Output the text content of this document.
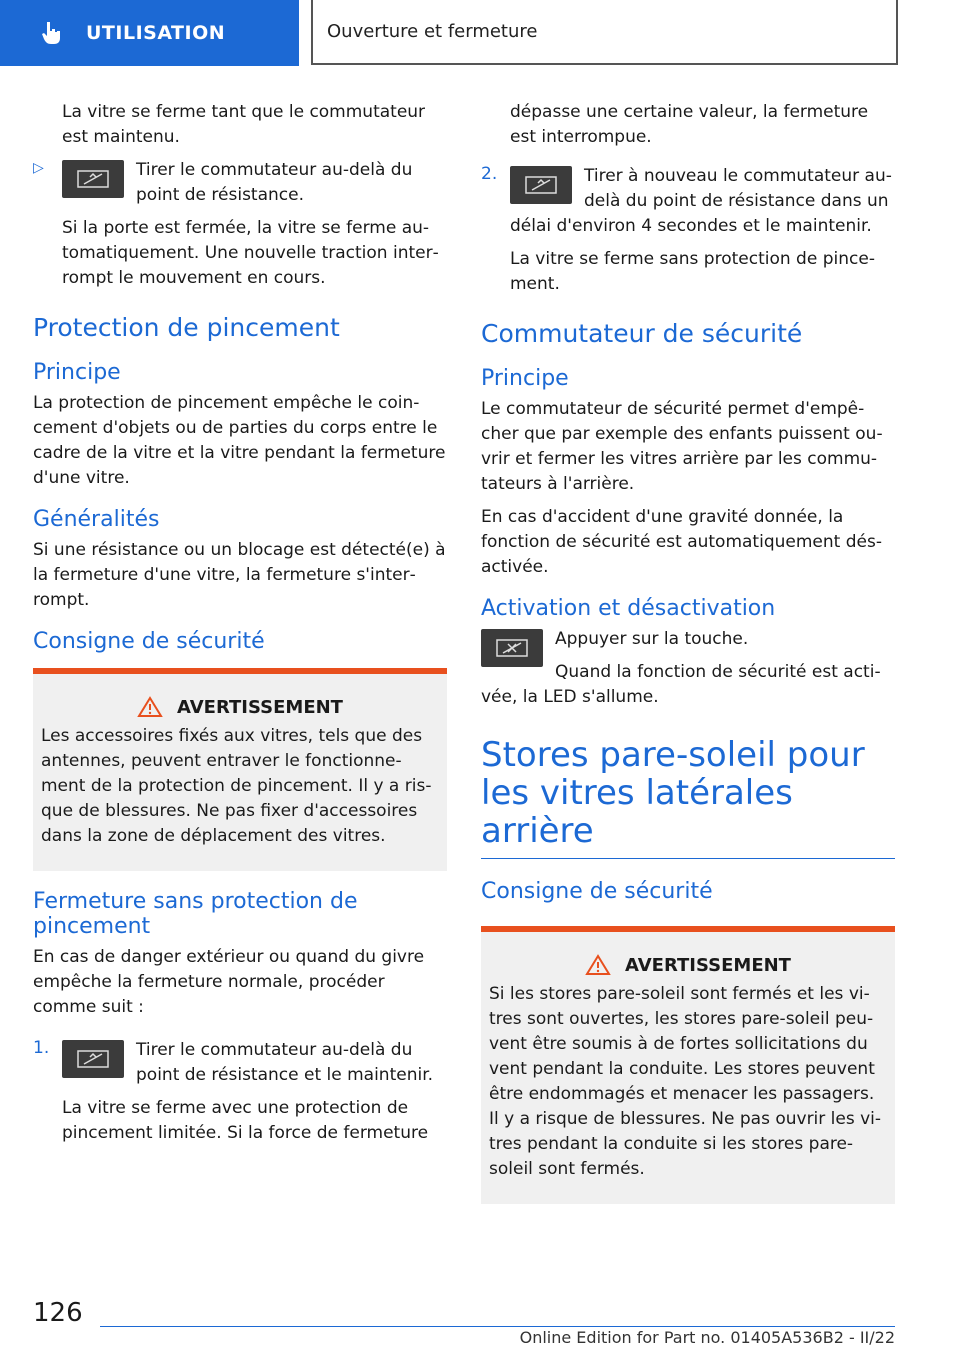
UTILISATION	Ouverture et fermeture

La vitre se ferme tant que le commutateur est maintenu.

▷	Tirer le commutateur au-delà du point de résistance.

Si la porte est fermée, la vitre se ferme automatiquement. Une nouvelle traction interrompt le mouvement en cours.

Protection de pincement
Principe

La protection de pincement empêche le coincement d'objets ou de parties du corps entre le cadre de la vitre et la vitre pendant la fermeture d'une vitre.

Généralités

Si une résistance ou un blocage est détecté(e) à la fermeture d'une vitre, la fermeture s'interrompt.

Consigne de sécurité
AVERTISSEMENT

Les accessoires fixés aux vitres, tels que des antennes, peuvent entraver le fonctionnement de la protection de pincement. Il y a risque de blessures. Ne pas fixer d'accessoires dans la zone de déplacement des vitres.

Fermeture sans protection de pincement

En cas de danger extérieur ou quand du givre empêche la fermeture normale, procéder comme suit :

1.	Tirer le commutateur au-delà du point de résistance et le maintenir.

La vitre se ferme avec une protection de pincement limitée. Si la force de fermeture

dépasse une certaine valeur, la fermeture est interrompue.

2.	Tirer à nouveau le commutateur au-delà du point de résistance dans un délai d'environ 4 secondes et le maintenir.

La vitre se ferme sans protection de pincement.

Commutateur de sécurité
Principe

Le commutateur de sécurité permet d'empêcher que par exemple des enfants puissent ouvrir et fermer les vitres arrière par les commutateurs à l'arrière.

En cas d'accident d'une gravité donnée, la fonction de sécurité est automatiquement désactivée.

Activation et désactivation

Appuyer sur la touche.

Quand la fonction de sécurité est activée, la LED s'allume.

Stores pare-soleil pour les vitres latérales arrière
Consigne de sécurité
AVERTISSEMENT

Si les stores pare-soleil sont fermés et les vitres sont ouvertes, les stores pare-soleil peuvent être soumis à de fortes sollicitations du vent pendant la conduite. Les stores peuvent être endommagés et menacer les passagers. Il y a risque de blessures. Ne pas ouvrir les vitres pendant la conduite si les stores pare-soleil sont fermés.

126
Online Edition for Part no. 01405A536B2 - II/22
